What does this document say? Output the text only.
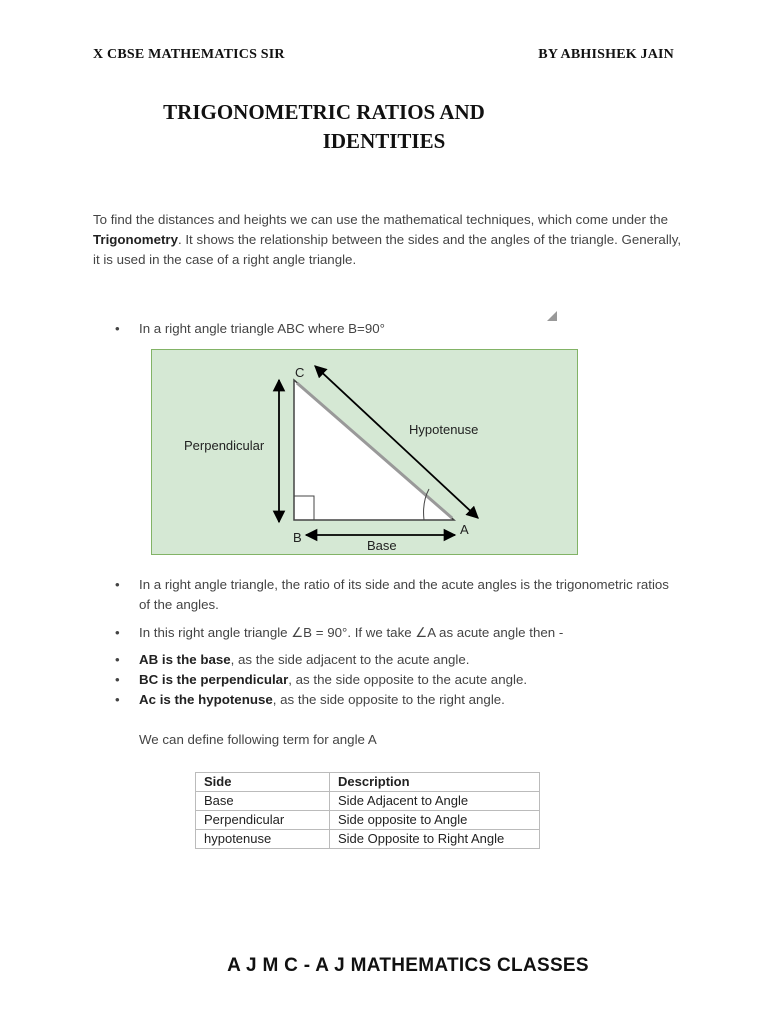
X CBSE MATHEMATICS SIR	BY ABHISHEK JAIN
TRIGONOMETRIC RATIOS AND
IDENTITIES
To find the distances and heights we can use the mathematical techniques, which come under the Trigonometry. It shows the relationship between the sides and the angles of the triangle. Generally, it is used in the case of a right angle triangle.
• In a right angle triangle ABC where B=90°
C
B
A
Perpendicular
Hypotenuse
Base
• In a right angle triangle, the ratio of its side and the acute angles is the trigonometric ratios of the angles.
• In this right angle triangle ∠B = 90°. If we take ∠A as acute angle then -
• AB is the base, as the side adjacent to the acute angle.
• BC is the perpendicular, as the side opposite to the acute angle.
• Ac is the hypotenuse, as the side opposite to the right angle.
We can define following term for angle A
Side	Description
Base	Side Adjacent to Angle
Perpendicular	Side opposite to Angle
hypotenuse	Side Opposite to Right Angle
A J M C - A J MATHEMATICS CLASSES
